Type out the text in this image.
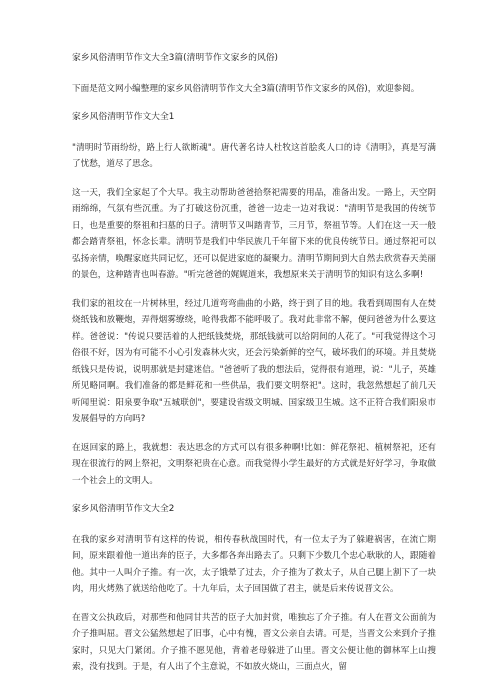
家乡风俗清明节作文大全3篇(清明节作文家乡的风俗)
下面是范文网小编整理的家乡风俗清明节作文大全3篇(清明节作文家乡的风俗)，欢迎参阅。
家乡风俗清明节作文大全1
"清明时节雨纷纷，路上行人欲断魂"。唐代著名诗人杜牧这首脍炙人口的诗《清明》，真是写满了忧愁，道尽了思念。
这一天，我们全家起了个大早。我主动帮助爸爸拾祭祀需要的用品，准备出发。一路上，天空阴雨绵绵，气氛有些沉重。为了打破这份沉重，爸爸一边走一边对我说："清明节是我国的传统节日，也是重要的祭祖和扫墓的日子。清明节又叫踏青节，三月节，祭祖节等。人们在这一天一般都会踏青祭祖，怀念长辈。清明节是我们中华民族几千年留下来的优良传统节日。通过祭祀可以弘扬亲情，唤醒家庭共同记忆，还可以促进家庭的凝聚力。清明节期间到大自然去欣赏春天美丽的景色，这种踏青也叫春游。"听完爸爸的娓娓道来，我想原来关于清明节的知识有这么多啊!
我们家的祖坟在一片树林里，经过几道弯弯曲曲的小路，终于到了目的地。我看到周围有人在焚烧纸钱和放鞭炮，弄得烟雾缭绕，呛得我都不能呼吸了。我对此非常不解，便问爸爸为什么要这样。爸爸说："传说只要活着的人把纸钱焚烧，那纸钱就可以给阴间的人花了。"可我觉得这个习俗很不好，因为有可能不小心引发森林火灾，还会污染新鲜的空气，破坏我们的环境。并且焚烧纸钱只是传说，说明那就是封建迷信。"爸爸听了我的想法后，觉得很有道理，说："儿子，英雄所见略同啊。我们准备的都是鲜花和一些供品，我们要文明祭祀"。这时，我忽然想起了前几天听闻里说：阳泉要争取"五城联创"，要建设省级文明城、国家级卫生城。这不正符合我们阳泉市发展倡导的方向吗?
在返回家的路上，我就想：表达思念的方式可以有很多种啊!比如：鲜花祭祀、植树祭祀，还有现在很流行的网上祭祀，文明祭祀贵在心意。而我觉得小学生最好的方式就是好好学习，争取做一个社会上的文明人。
家乡风俗清明节作文大全2
在我的家乡对清明节有这样的传说，相传春秋战国时代，有一位太子为了躲避祸害，在流亡期间，原来跟着他一道出奔的臣子，大多都各奔出路去了。只剩下少数几个忠心耿耿的人，跟随着他。其中一人叫介子推。有一次，太子饿晕了过去，介子推为了救太子，从自己腿上割下了一块肉，用火烤熟了就送给他吃了。十九年后，太子回国做了君主，就是后来传说晋文公。
在晋文公执政后，对那些和他同甘共苦的臣子大加封赏，唯独忘了介子推。有人在晋文公面前为介子推叫屈。晋文公猛然想起了旧事，心中有愧，晋文公亲自去请。可是，当晋文公来到介子推家时，只见大门紧闭。介子推不愿见他，背着老母躲进了山里。晋文公便让他的御林军上山搜索，没有找到。于是，有人出了个主意说，不如放火烧山，三面点火，留
